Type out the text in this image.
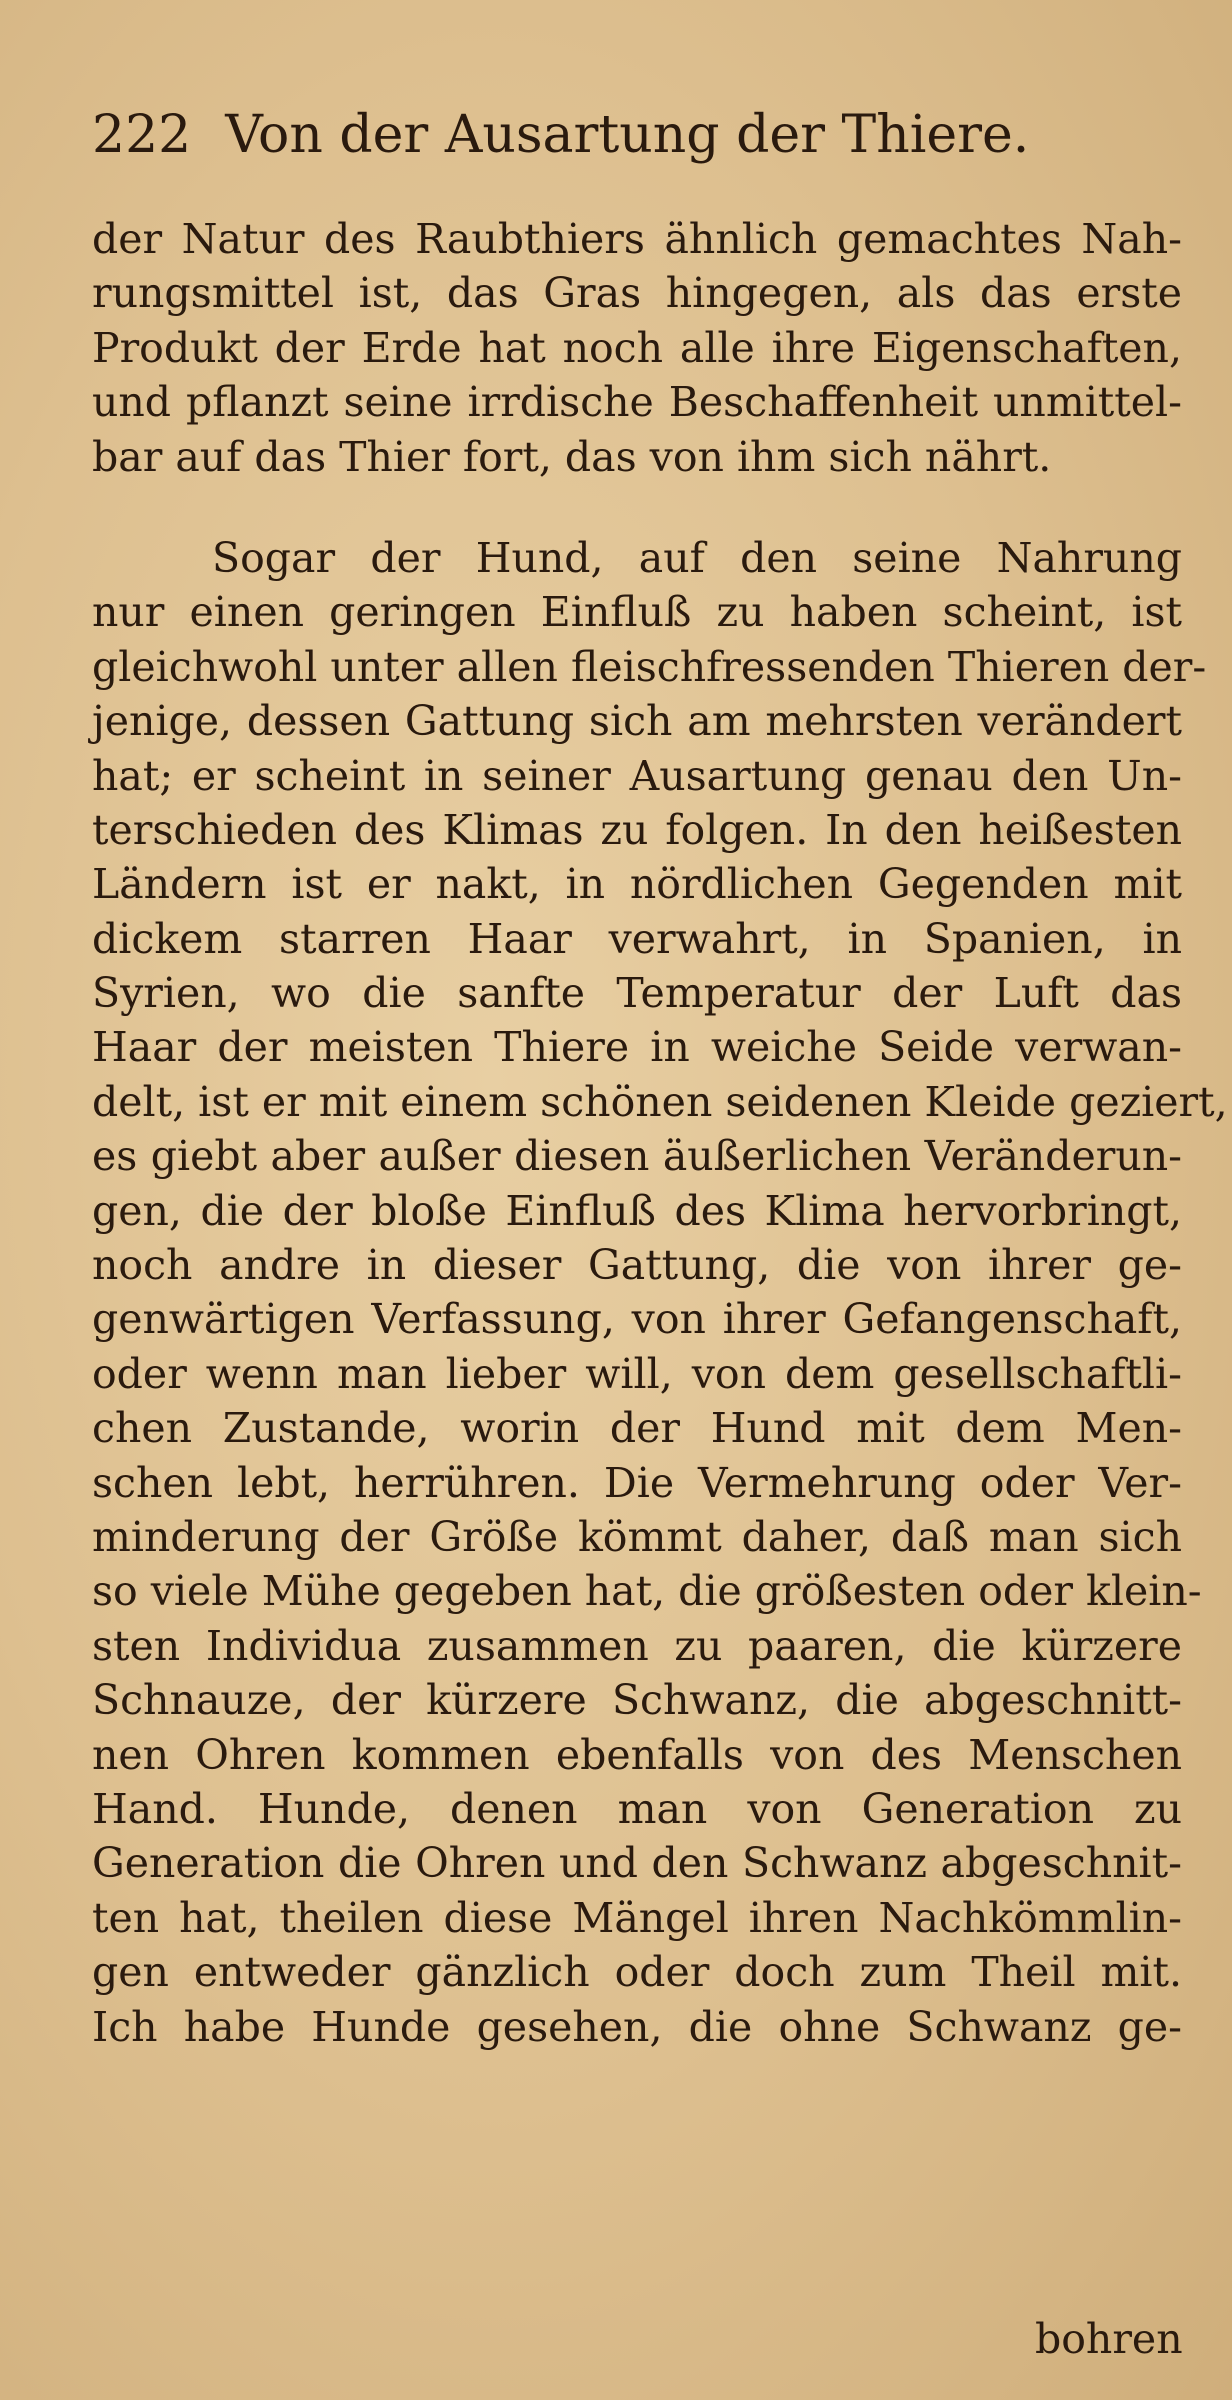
222 Von der Ausartung der Thiere.
der Natur des Raubthiers ähnlich gemachtes Nah-
rungsmittel ist, das Gras hingegen, als das erste
Produkt der Erde hat noch alle ihre Eigenschaften,
und pflanzt seine irrdische Beschaffenheit unmittel-
bar auf das Thier fort, das von ihm sich nährt.
Sogar der Hund, auf den seine Nahrung
nur einen geringen Einfluß zu haben scheint, ist
gleichwohl unter allen fleischfressenden Thieren der-
jenige, dessen Gattung sich am mehrsten verändert
hat; er scheint in seiner Ausartung genau den Un-
terschieden des Klimas zu folgen. In den heißesten
Ländern ist er nakt, in nördlichen Gegenden mit
dickem starren Haar verwahrt, in Spanien, in
Syrien, wo die sanfte Temperatur der Luft das
Haar der meisten Thiere in weiche Seide verwan-
delt, ist er mit einem schönen seidenen Kleide geziert,
es giebt aber außer diesen äußerlichen Veränderun-
gen, die der bloße Einfluß des Klima hervorbringt,
noch andre in dieser Gattung, die von ihrer ge-
genwärtigen Verfassung, von ihrer Gefangenschaft,
oder wenn man lieber will, von dem gesellschaftli-
chen Zustande, worin der Hund mit dem Men-
schen lebt, herrühren. Die Vermehrung oder Ver-
minderung der Größe kömmt daher, daß man sich
so viele Mühe gegeben hat, die größesten oder klein-
sten Individua zusammen zu paaren, die kürzere
Schnauze, der kürzere Schwanz, die abgeschnitt-
nen Ohren kommen ebenfalls von des Menschen
Hand. Hunde, denen man von Generation zu
Generation die Ohren und den Schwanz abgeschnit-
ten hat, theilen diese Mängel ihren Nachkömmlin-
gen entweder gänzlich oder doch zum Theil mit.
Ich habe Hunde gesehen, die ohne Schwanz ge-
bohren
